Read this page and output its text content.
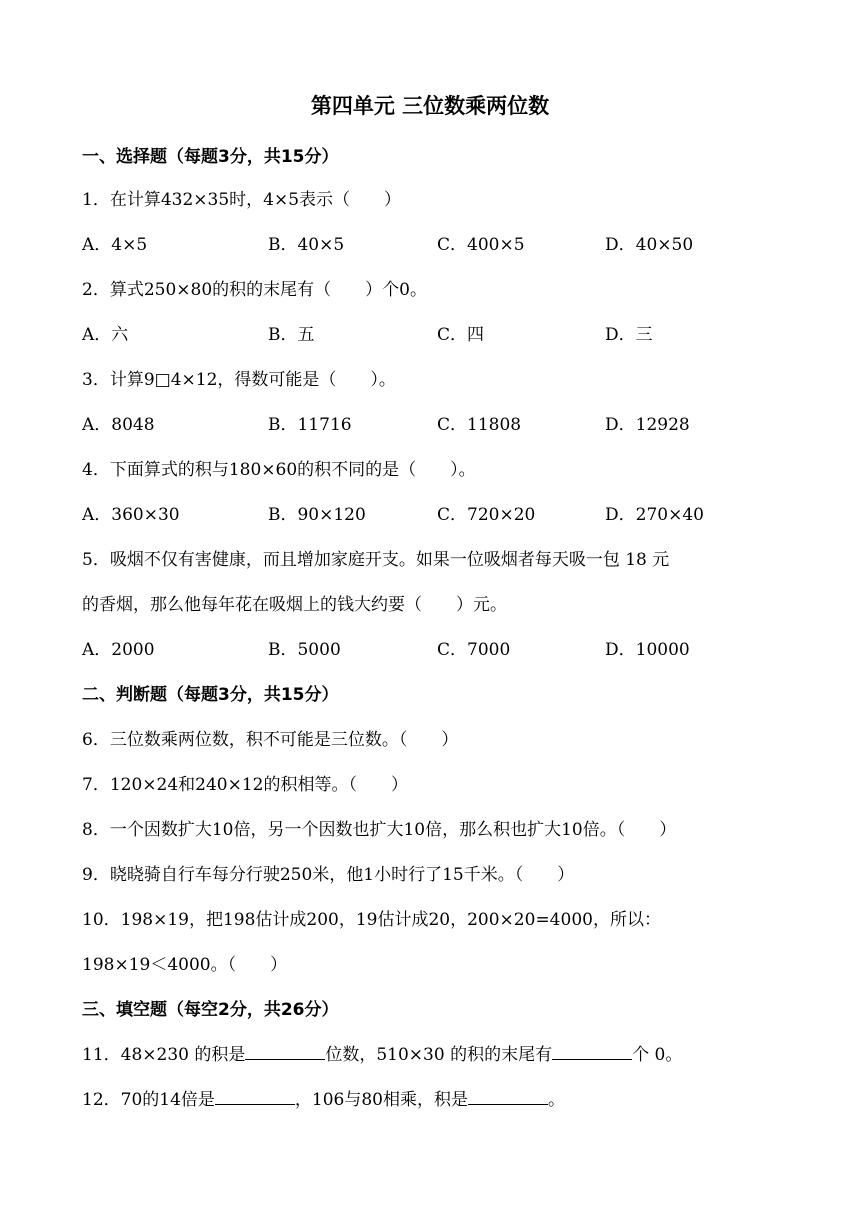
第四单元 三位数乘两位数
一、选择题（每题3分，共15分）
1．在计算432×35时，4×5表示（　　）
A．4×5	B．40×5	C．400×5	D．40×50
2．算式250×80的积的末尾有（　　）个0。
A．六	B．五	C．四	D．三
3．计算9□4×12，得数可能是（　　）。
A．8048	B．11716	C．11808	D．12928
4．下面算式的积与180×60的积不同的是（　　）。
A．360×30	B．90×120	C．720×20	D．270×40
5．吸烟不仅有害健康，而且增加家庭开支。如果一位吸烟者每天吸一包 18 元
的香烟，那么他每年花在吸烟上的钱大约要（　　）元。
A．2000	B．5000	C．7000	D．10000
二、判断题（每题3分，共15分）
6．三位数乘两位数，积不可能是三位数。（　　）
7．120×24和240×12的积相等。（　　）
8．一个因数扩大10倍，另一个因数也扩大10倍，那么积也扩大10倍。（　　）
9．晓晓骑自行车每分行驶250米，他1小时行了15千米。（　　）
10．198×19，把198估计成200，19估计成20，200×20=4000，所以：
198×19＜4000。（　　）
三、填空题（每空2分，共26分）
11．48×230 的积是	位数，510×30 的积的末尾有	个 0。
12．70的14倍是	，106与80相乘，积是	。
